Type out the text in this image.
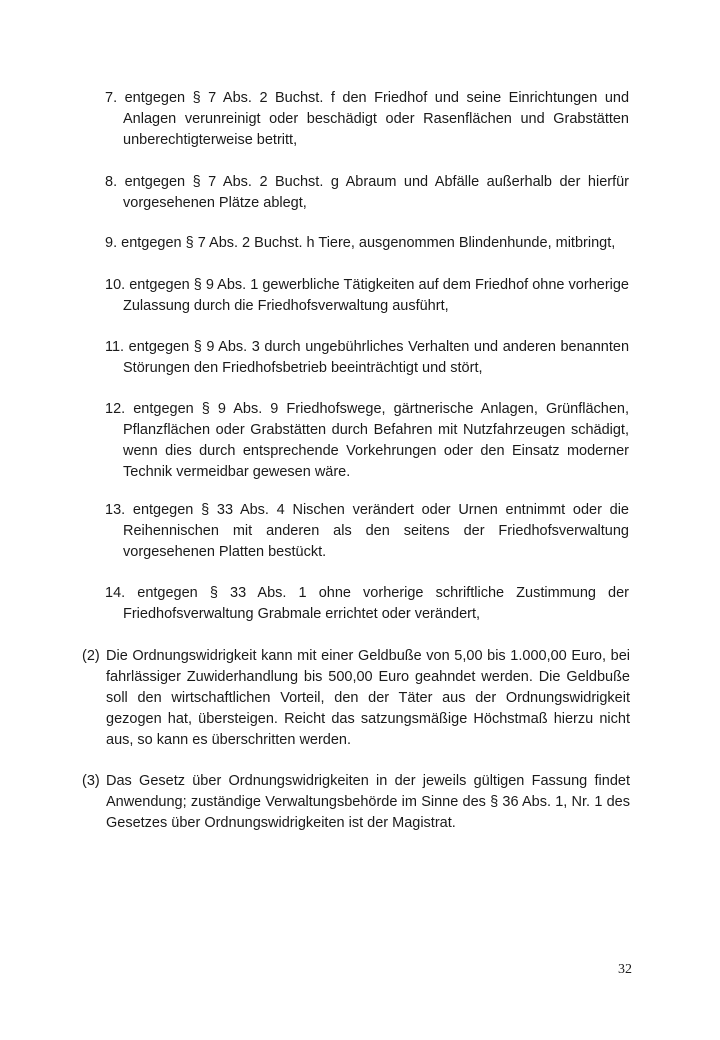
7. entgegen § 7 Abs. 2 Buchst. f den Friedhof und seine Einrichtungen und Anlagen verunreinigt oder beschädigt oder Rasenflächen und Grabstätten unberechtigterweise betritt,
8. entgegen § 7 Abs. 2 Buchst. g Abraum und Abfälle außerhalb der hierfür vorgesehenen Plätze ablegt,
9. entgegen § 7 Abs. 2 Buchst. h Tiere, ausgenommen Blindenhunde, mitbringt,
10. entgegen § 9 Abs. 1 gewerbliche Tätigkeiten auf dem Friedhof ohne vorherige Zulassung durch die Friedhofsverwaltung ausführt,
11. entgegen § 9 Abs. 3 durch ungebührliches Verhalten und anderen benannten Störungen den Friedhofsbetrieb beeinträchtigt und stört,
12. entgegen § 9 Abs. 9 Friedhofswege, gärtnerische Anlagen, Grünflächen, Pflanzflächen oder Grabstätten durch Befahren mit Nutzfahrzeugen schädigt, wenn dies durch entsprechende Vorkehrungen oder den Einsatz moderner Technik vermeidbar gewesen wäre.
13. entgegen § 33 Abs. 4 Nischen verändert oder Urnen entnimmt oder die Reihennischen mit anderen als den seitens der Friedhofsverwaltung vorgesehenen Platten bestückt.
14. entgegen § 33 Abs. 1 ohne vorherige schriftliche Zustimmung der Friedhofsverwaltung Grabmale errichtet oder verändert,
(2) Die Ordnungswidrigkeit kann mit einer Geldbuße von 5,00 bis 1.000,00 Euro, bei fahrlässiger Zuwiderhandlung bis 500,00 Euro geahndet werden. Die Geldbuße soll den wirtschaftlichen Vorteil, den der Täter aus der Ordnungswidrigkeit gezogen hat, übersteigen. Reicht das satzungsmäßige Höchstmaß hierzu nicht aus, so kann es überschritten werden.
(3) Das Gesetz über Ordnungswidrigkeiten in der jeweils gültigen Fassung findet Anwendung; zuständige Verwaltungsbehörde im Sinne des § 36 Abs. 1, Nr. 1 des Gesetzes über Ordnungswidrigkeiten ist der Magistrat.
32
